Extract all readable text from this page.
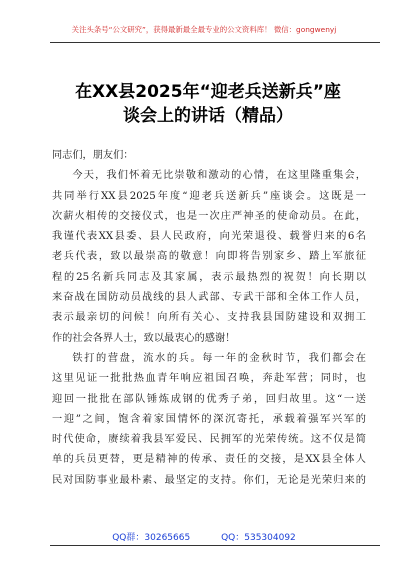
关注头条号“公文研究”，获得最新最全最专业的公文资料库！ 微信：gongwenyj
在XX县2025年“迎老兵送新兵”座
谈会上的讲话（精品）
同志们，朋友们：

今天，我们怀着无比崇敬和激动的心情，在这里隆重集会，
共同举行XX县2025年度“迎老兵送新兵”座谈会。这既是一
次薪火相传的交接仪式，也是一次庄严神圣的使命动员。在此，
我谨代表XX县委、县人民政府，向光荣退役、载誉归来的6名
老兵代表，致以最崇高的敬意！向即将告别家乡、踏上军旅征
程的25名新兵同志及其家属，表示最热烈的祝贺！向长期以
来奋战在国防动员战线的县人武部、专武干部和全体工作人员，
表示最亲切的问候！向所有关心、支持我县国防建设和双拥工
作的社会各界人士，致以最衷心的感谢！

铁打的营盘，流水的兵。每一年的金秋时节，我们都会在
这里见证一批批热血青年响应祖国召唤，奔赴军营；同时，也
迎回一批批在部队锤炼成钢的优秀子弟，回归故里。这“一送
一迎”之间，饱含着家国情怀的深沉寄托，承载着强军兴军的
时代使命，赓续着我县军爱民、民拥军的光荣传统。这不仅是简
单的兵员更替，更是精神的传承、责任的交接，是XX县全体人
民对国防事业最朴素、最坚定的支持。你们，无论是光荣归来的

QQ群：30265665	QQ：535304092
